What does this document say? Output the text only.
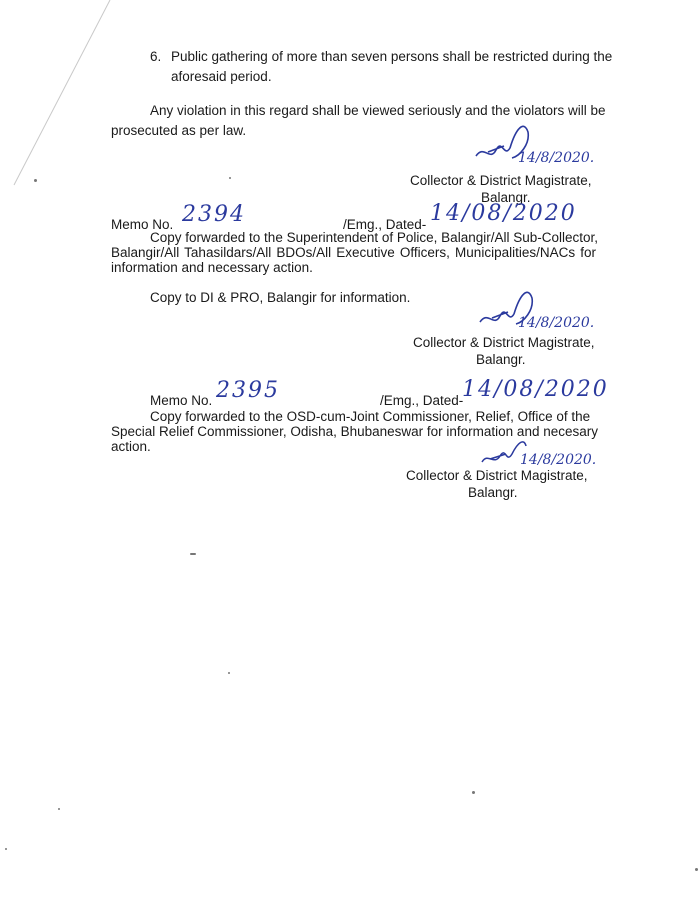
6. Public gathering of more than seven persons shall be restricted during the
aforesaid period.
Any violation in this regard shall be viewed seriously and the violators will be
prosecuted as per law.
14/8/2020.
Collector & District Magistrate,
Balangr.
Memo No. 2394	/Emg., Dated- 14/08/2020
Copy forwarded to the Superintendent of Police, Balangir/All Sub-Collector,
Balangir/All Tahasildars/All BDOs/All Executive Officers, Municipalities/NACs for
information and necessary action.
Copy to DI & PRO, Balangir for information.
14/8/2020.
Collector & District Magistrate,
Balangr.
Memo No. 2395	/Emg., Dated-
14/08/2020
Copy forwarded to the OSD-cum-Joint Commissioner, Relief, Office of the
Special Relief Commissioner, Odisha, Bhubaneswar for information and necesary
action.
14/8/2020.
Collector & District Magistrate,
Balangr.
